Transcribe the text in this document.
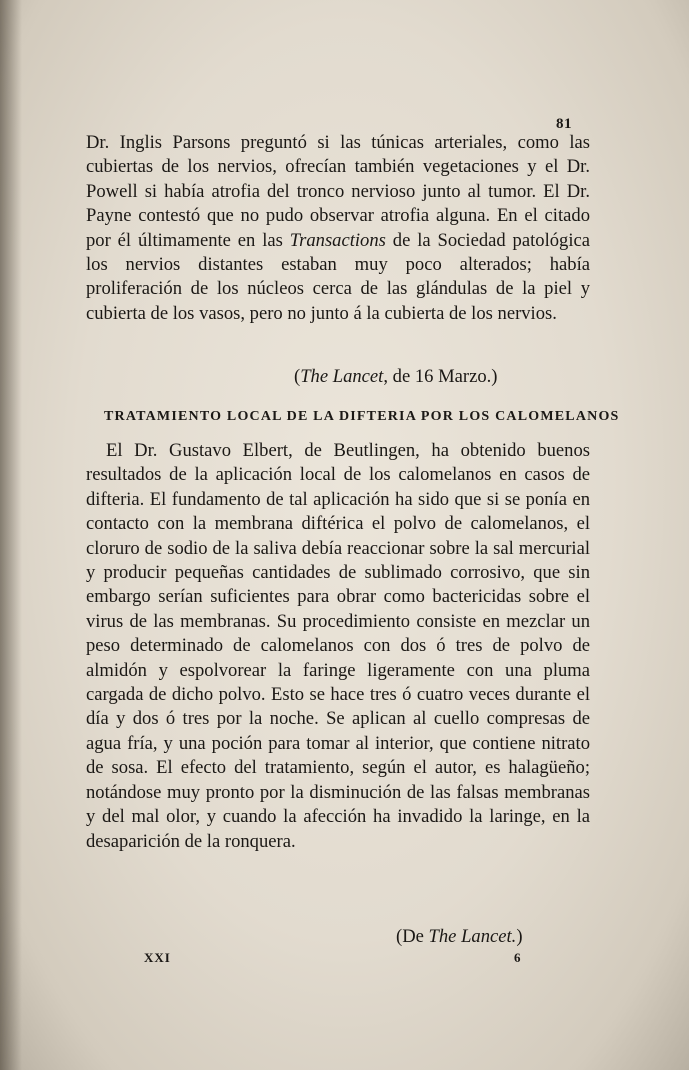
81

Dr. Inglis Parsons preguntó si las túnicas arteriales, como las cubiertas de los nervios, ofrecían también vegetaciones y el Dr. Powell si había atrofia del tronco nervioso junto al tumor. El Dr. Payne contestó que no pudo observar atrofia alguna. En el citado por él últimamente en las Transactions de la Sociedad patológica los nervios distantes estaban muy poco alterados; había proliferación de los núcleos cerca de las glándulas de la piel y cubierta de los vasos, pero no junto á la cubierta de los nervios.

(The Lancet, de 16 Marzo.)
TRATAMIENTO LOCAL DE LA DIFTERIA POR LOS CALOMELANOS

El Dr. Gustavo Elbert, de Beutlingen, ha obtenido buenos resultados de la aplicación local de los calomelanos en casos de difteria. El fundamento de tal aplicación ha sido que si se ponía en contacto con la membrana diftérica el polvo de calomelanos, el cloruro de sodio de la saliva debía reaccionar sobre la sal mercurial y producir pequeñas cantidades de sublimado corrosivo, que sin embargo serían suficientes para obrar como bactericidas sobre el virus de las membranas. Su procedimiento consiste en mezclar un peso determinado de calomelanos con dos ó tres de polvo de almidón y espolvorear la faringe ligeramente con una pluma cargada de dicho polvo. Esto se hace tres ó cuatro veces durante el día y dos ó tres por la noche. Se aplican al cuello compresas de agua fría, y una poción para tomar al interior, que contiene nitrato de sosa. El efecto del tratamiento, según el autor, es halagüeño; notándose muy pronto por la disminución de las falsas membranas y del mal olor, y cuando la afección ha invadido la laringe, en la desaparición de la ronquera.

(De The Lancet.)
XXI	6
